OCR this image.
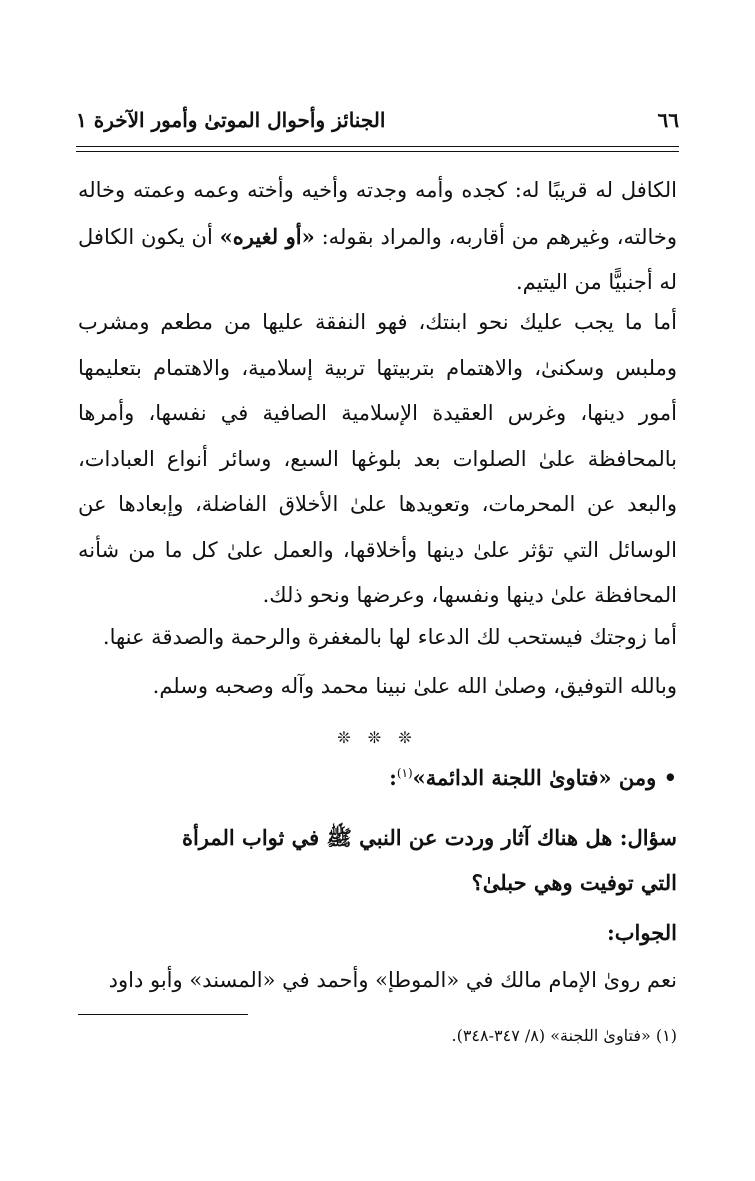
٦٦
الجنائز وأحوال الموتىٰ وأمور الآخرة ١

الكافل له قريبًا له: كجده وأمه وجدته وأخيه وأخته وعمه وعمته وخاله وخالته، وغيرهم من أقاربه، والمراد بقوله: «أو لغيره» أن يكون الكافل له أجنبيًّا من اليتيم.

أما ما يجب عليك نحو ابنتك، فهو النفقة عليها من مطعم ومشرب وملبس وسكنىٰ، والاهتمام بتربيتها تربية إسلامية، والاهتمام بتعليمها أمور دينها، وغرس العقيدة الإسلامية الصافية في نفسها، وأمرها بالمحافظة علىٰ الصلوات بعد بلوغها السبع، وسائر أنواع العبادات، والبعد عن المحرمات، وتعويدها علىٰ الأخلاق الفاضلة، وإبعادها عن الوسائل التي تؤثر علىٰ دينها وأخلاقها، والعمل علىٰ كل ما من شأنه المحافظة علىٰ دينها ونفسها، وعرضها ونحو ذلك.

أما زوجتك فيستحب لك الدعاء لها بالمغفرة والرحمة والصدقة عنها.

وبالله التوفيق، وصلىٰ الله علىٰ نبينا محمد وآله وصحبه وسلم.

❊ ❊ ❊

• ومن «فتاوىٰ اللجنة الدائمة»$^{(١)}$:

سؤال: هل هناك آثار وردت عن النبي ﷺ في ثواب المرأة التي توفيت وهي حبلىٰ؟

الجواب:

نعم روىٰ الإمام مالك في «الموطإ» وأحمد في «المسند» وأبو داود

(١) «فتاوىٰ اللجنة» (٨/ ٣٤٧-٣٤٨).
